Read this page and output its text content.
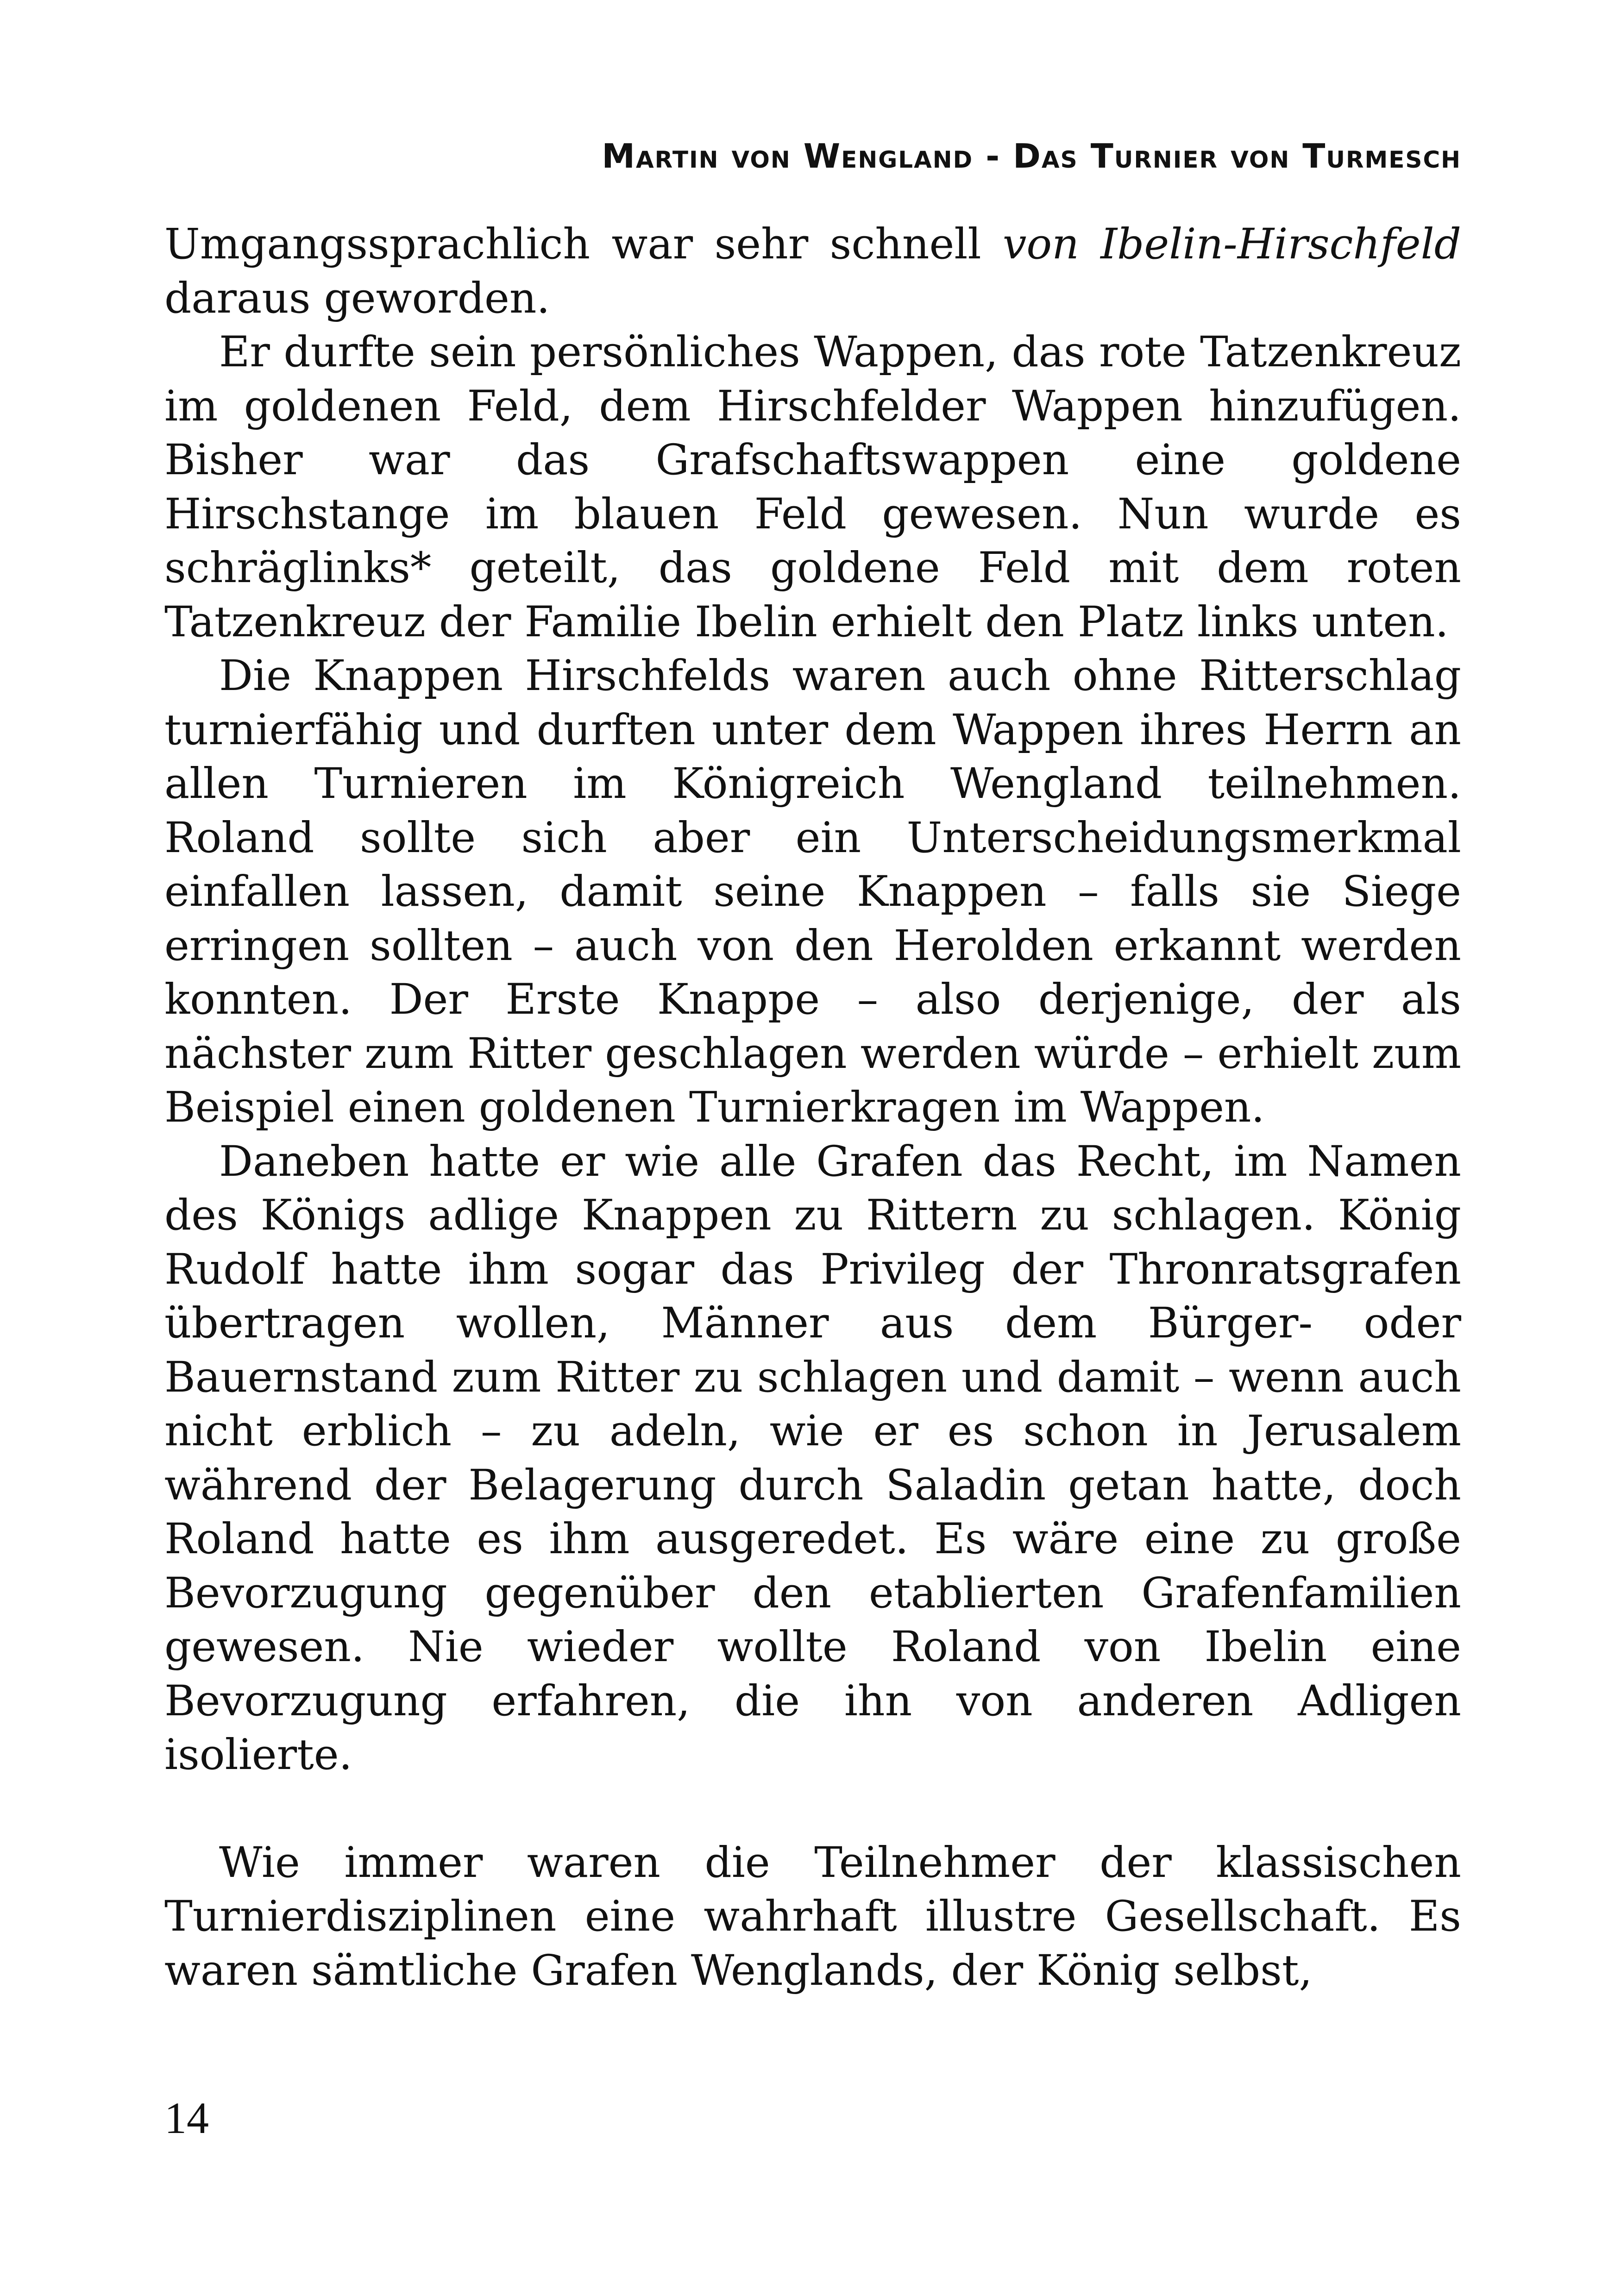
Martin von Wengland - Das Turnier von Turmesch

Umgangssprachlich war sehr schnell von Ibelin-Hirschfeld daraus geworden.

Er durfte sein persönliches Wappen, das rote Tatzenkreuz im goldenen Feld, dem Hirschfelder Wappen hinzufügen. Bisher war das Grafschaftswappen eine goldene Hirschstange im blauen Feld gewesen. Nun wurde es schräglinks* geteilt, das goldene Feld mit dem roten Tatzenkreuz der Familie Ibelin erhielt den Platz links unten.

Die Knappen Hirschfelds waren auch ohne Ritterschlag turnierfähig und durften unter dem Wappen ihres Herrn an allen Turnieren im Königreich Wengland teilnehmen. Roland sollte sich aber ein Unterscheidungsmerkmal einfallen lassen, damit seine Knappen – falls sie Siege erringen sollten – auch von den Herolden erkannt werden konnten. Der Erste Knappe – also derjenige, der als nächster zum Ritter geschlagen werden würde – erhielt zum Beispiel einen goldenen Turnierkragen im Wappen.

Daneben hatte er wie alle Grafen das Recht, im Namen des Königs adlige Knappen zu Rittern zu schlagen. König Rudolf hatte ihm sogar das Privileg der Thronratsgrafen übertragen wollen, Männer aus dem Bürger- oder Bauernstand zum Ritter zu schlagen und damit – wenn auch nicht erblich – zu adeln, wie er es schon in Jerusalem während der Belagerung durch Saladin getan hatte, doch Roland hatte es ihm ausgeredet. Es wäre eine zu große Bevorzugung gegenüber den etablierten Grafenfamilien gewesen. Nie wieder wollte Roland von Ibelin eine Bevorzugung erfahren, die ihn von anderen Adligen isolierte.

Wie immer waren die Teilnehmer der klassischen Turnierdisziplinen eine wahrhaft illustre Gesellschaft. Es waren sämtliche Grafen Wenglands, der König selbst,

14
